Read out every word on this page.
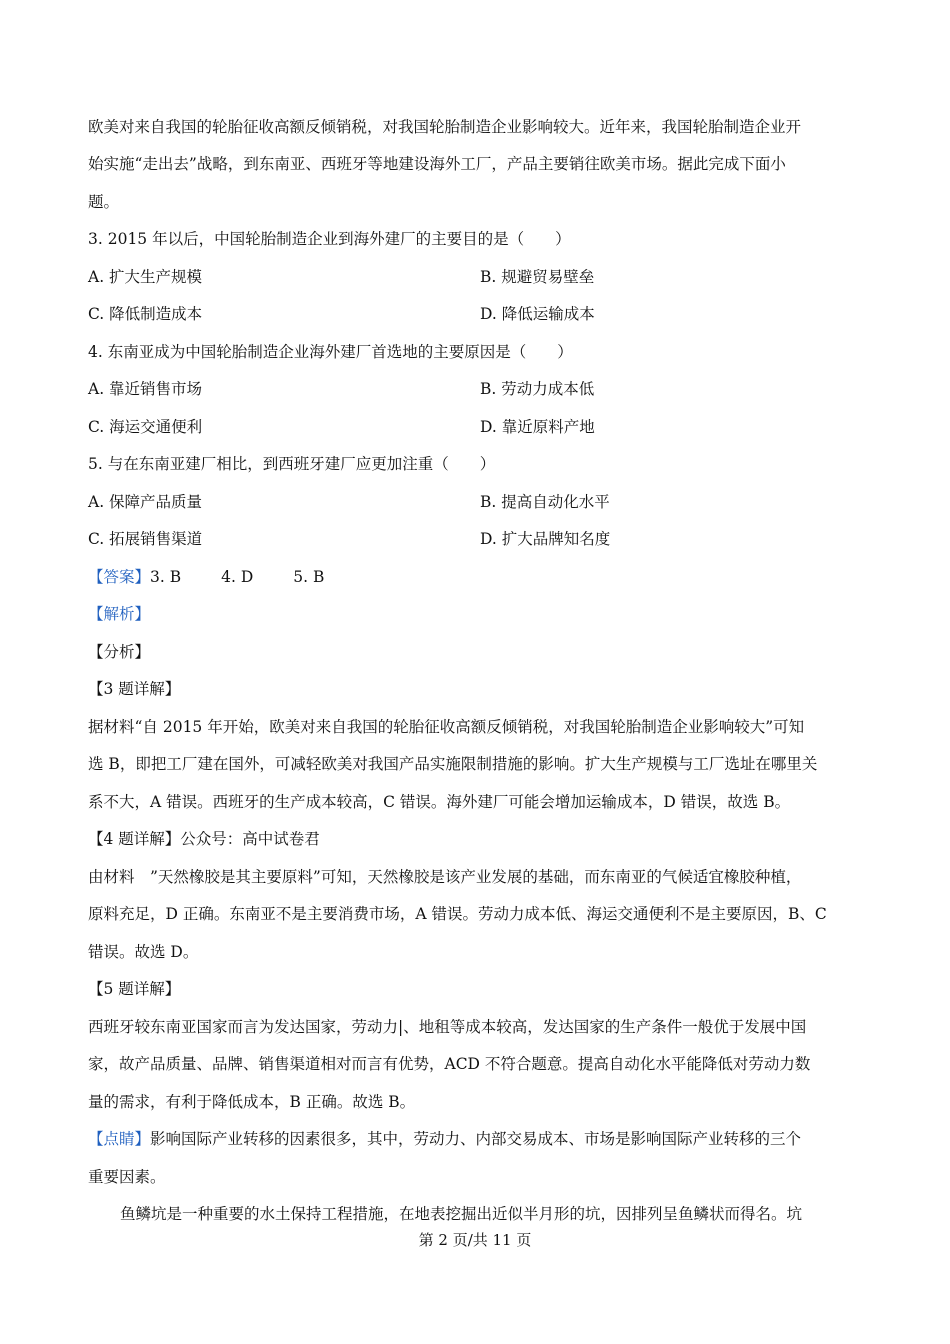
欧美对来自我国的轮胎征收高额反倾销税，对我国轮胎制造企业影响较大。近年来，我国轮胎制造企业开
始实施“走出去”战略，到东南亚、西班牙等地建设海外工厂，产品主要销往欧美市场。据此完成下面小
题。
3. 2015 年以后，中国轮胎制造企业到海外建厂的主要目的是（　　）
A. 扩大生产规模	B. 规避贸易壁垒
C. 降低制造成本	D. 降低运输成本
4. 东南亚成为中国轮胎制造企业海外建厂首选地的主要原因是（　　）
A. 靠近销售市场	B. 劳动力成本低
C. 海运交通便利	D. 靠近原料产地
5. 与在东南亚建厂相比，到西班牙建厂应更加注重（　　）
A. 保障产品质量	B. 提高自动化水平
C. 拓展销售渠道	D. 扩大品牌知名度
【答案】3. B	4. D	5. B
【解析】
【分析】
【3 题详解】
据材料“自 2015 年开始，欧美对来自我国的轮胎征收高额反倾销税，对我国轮胎制造企业影响较大”可知
选 B，即把工厂建在国外，可减轻欧美对我国产品实施限制措施的影响。扩大生产规模与工厂选址在哪里关
系不大，A 错误。西班牙的生产成本较高，C 错误。海外建厂可能会增加运输成本，D 错误，故选 B。
【4 题详解】公众号：高中试卷君
由材料　”天然橡胶是其主要原料”可知，天然橡胶是该产业发展的基础，而东南亚的气候适宜橡胶种植，
原料充足，D 正确。东南亚不是主要消费市场，A 错误。劳动力成本低、海运交通便利不是主要原因，B、C
错误。故选 D。
【5 题详解】
西班牙较东南亚国家而言为发达国家，劳动力|、地租等成本较高，发达国家的生产条件一般优于发展中国
家，故产品质量、品牌、销售渠道相对而言有优势，ACD 不符合题意。提高自动化水平能降低对劳动力数
量的需求，有利于降低成本，B 正确。故选 B。
【点睛】影响国际产业转移的因素很多，其中，劳动力、内部交易成本、市场是影响国际产业转移的三个
重要因素。
鱼鳞坑是一种重要的水土保持工程措施，在地表挖掘出近似半月形的坑，因排列呈鱼鳞状而得名。坑
第 2 页/共 11 页
